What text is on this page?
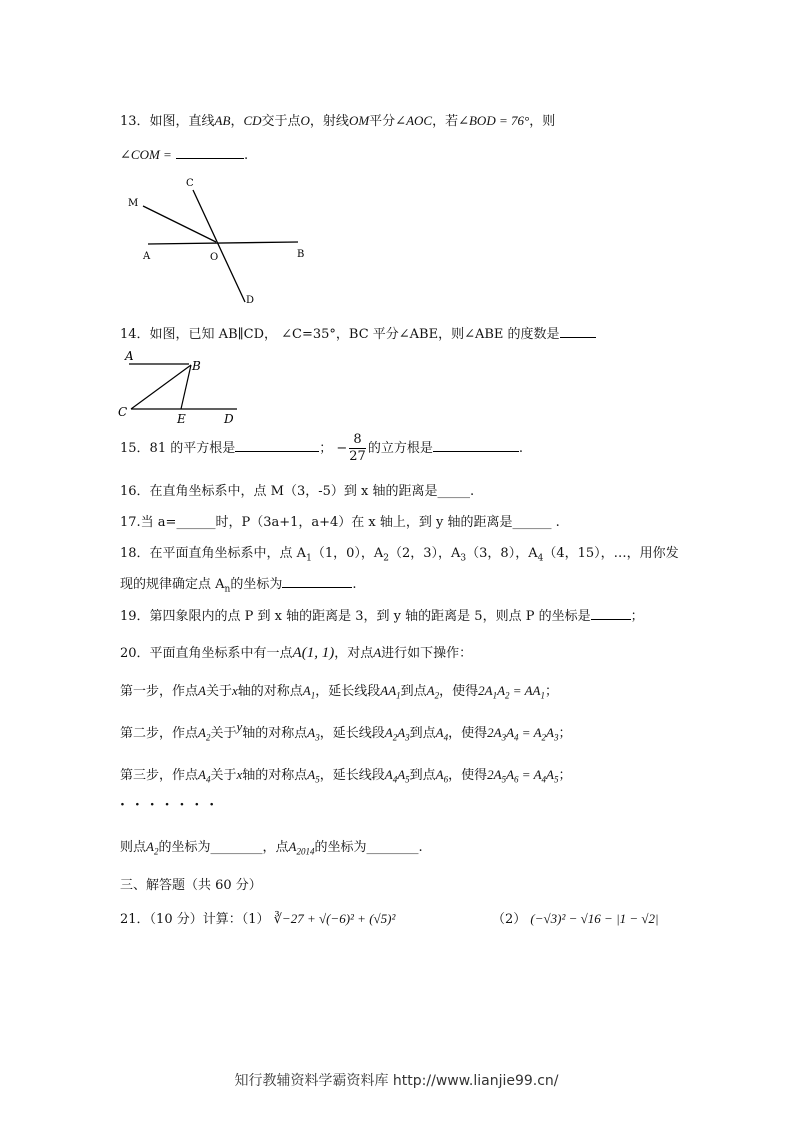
13．如图，直线AB，CD交于点O，射线OM平分∠AOC，若∠BOD = 76°，则
∠COM =	.
C
M
A	O	B
D
14．如图，已知 AB∥CD， ∠C=35°，BC 平分∠ABE，则∠ABE 的度数是
A
B
C	E	D
15．81 的平方根是	； − $\frac{8}{27}$ 的立方根是	.
16．在直角坐标系中，点 M（3，-5）到 x 轴的距离是_____.
17.当 a=______时，P（3a+1，a+4）在 x 轴上，到 y 轴的距离是______ .
18．在平面直角坐标系中，点 $A_1(1$，0），$A_2(2$，3），$A_3(3$，8），$A_4(4$，15），…，用你发
现的规律确定点 $A_n$的坐标为	.
19．第四象限内的点 P 到 x 轴的距离是 3，到 y 轴的距离是 5，则点 P 的坐标是	；
20．平面直角坐标系中有一点A(1, 1)，对点A进行如下操作：
第一步，作点A关于x轴的对称点$A_1$，延长线段$AA_1$到点$A_2$，使得$2A_1A_2 = AA_1$；
第二步，作点$A_2$关于y轴的对称点$A_3$，延长线段$A_2A_3$到点$A_4$，使得$2A_3A_4 = A_2A_3$；
第三步，作点$A_4$关于x轴的对称点$A_5$，延长线段$A_4A_5$到点$A_6$，使得$2A_5A_6 = A_4A_5$；
·······
则点$A_2$的坐标为________，点$A_{2014}$的坐标为________.
三、解答题（共 60 分）
21．（10 分）计算：（1） ∛−27 + √(−6)² + (√5)²	（2） (−√3)² − √16 − |1 − √2|
知行教辅资料学霸资料库 http://www.lianjie99.cn/
